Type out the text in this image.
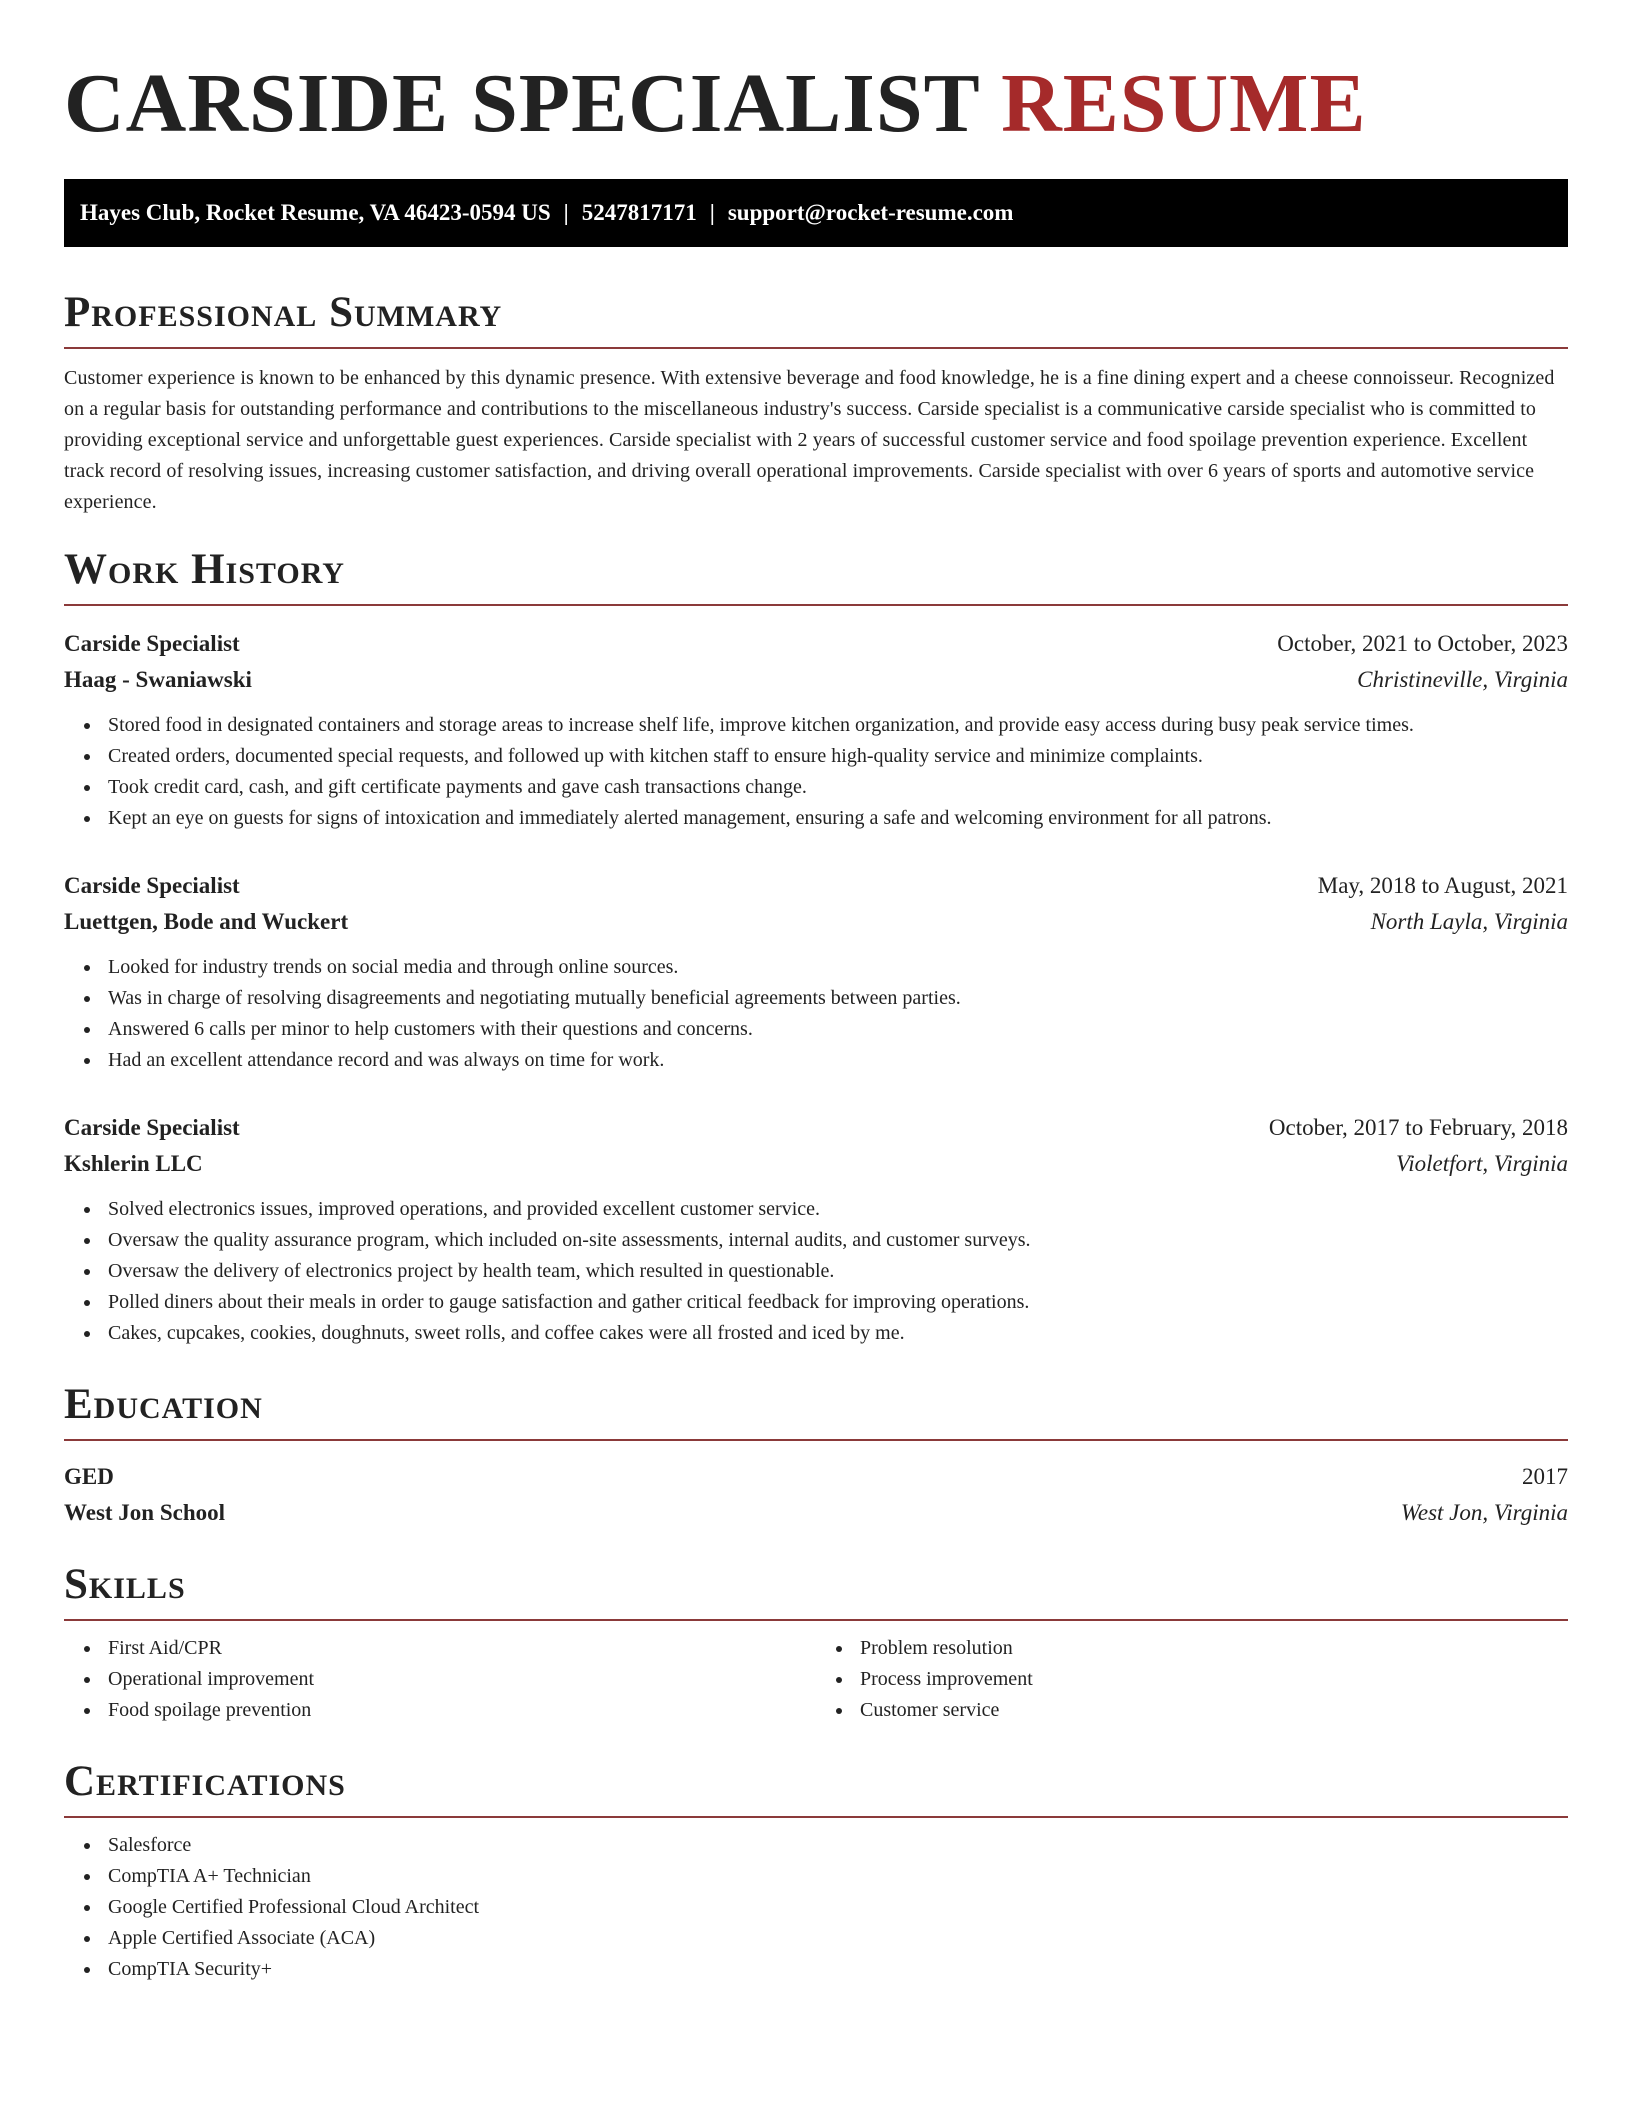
CARSIDE SPECIALIST RESUME
Hayes Club, Rocket Resume, VA 46423-0594 US | 5247817171 | support@rocket-resume.com
Professional Summary

Customer experience is known to be enhanced by this dynamic presence. With extensive beverage and food knowledge, he is a fine dining expert and a cheese connoisseur. Recognized on a regular basis for outstanding performance and contributions to the miscellaneous industry's success. Carside specialist is a communicative carside specialist who is committed to providing exceptional service and unforgettable guest experiences. Carside specialist with 2 years of successful customer service and food spoilage prevention experience. Excellent track record of resolving issues, increasing customer satisfaction, and driving overall operational improvements. Carside specialist with over 6 years of sports and automotive service experience.

Work History
Carside Specialist	October, 2021 to October, 2023
Haag - Swaniawski	Christineville, Virginia
Stored food in designated containers and storage areas to increase shelf life, improve kitchen organization, and provide easy access during busy peak service times.
Created orders, documented special requests, and followed up with kitchen staff to ensure high-quality service and minimize complaints.
Took credit card, cash, and gift certificate payments and gave cash transactions change.
Kept an eye on guests for signs of intoxication and immediately alerted management, ensuring a safe and welcoming environment for all patrons.
Carside Specialist	May, 2018 to August, 2021
Luettgen, Bode and Wuckert	North Layla, Virginia
Looked for industry trends on social media and through online sources.
Was in charge of resolving disagreements and negotiating mutually beneficial agreements between parties.
Answered 6 calls per minor to help customers with their questions and concerns.
Had an excellent attendance record and was always on time for work.
Carside Specialist	October, 2017 to February, 2018
Kshlerin LLC	Violetfort, Virginia
Solved electronics issues, improved operations, and provided excellent customer service.
Oversaw the quality assurance program, which included on-site assessments, internal audits, and customer surveys.
Oversaw the delivery of electronics project by health team, which resulted in questionable.
Polled diners about their meals in order to gauge satisfaction and gather critical feedback for improving operations.
Cakes, cupcakes, cookies, doughnuts, sweet rolls, and coffee cakes were all frosted and iced by me.
Education
GED	2017
West Jon School	West Jon, Virginia
Skills
First Aid/CPR
Operational improvement
Food spoilage prevention
Problem resolution
Process improvement
Customer service
Certifications
Salesforce
CompTIA A+ Technician
Google Certified Professional Cloud Architect
Apple Certified Associate (ACA)
CompTIA Security+
